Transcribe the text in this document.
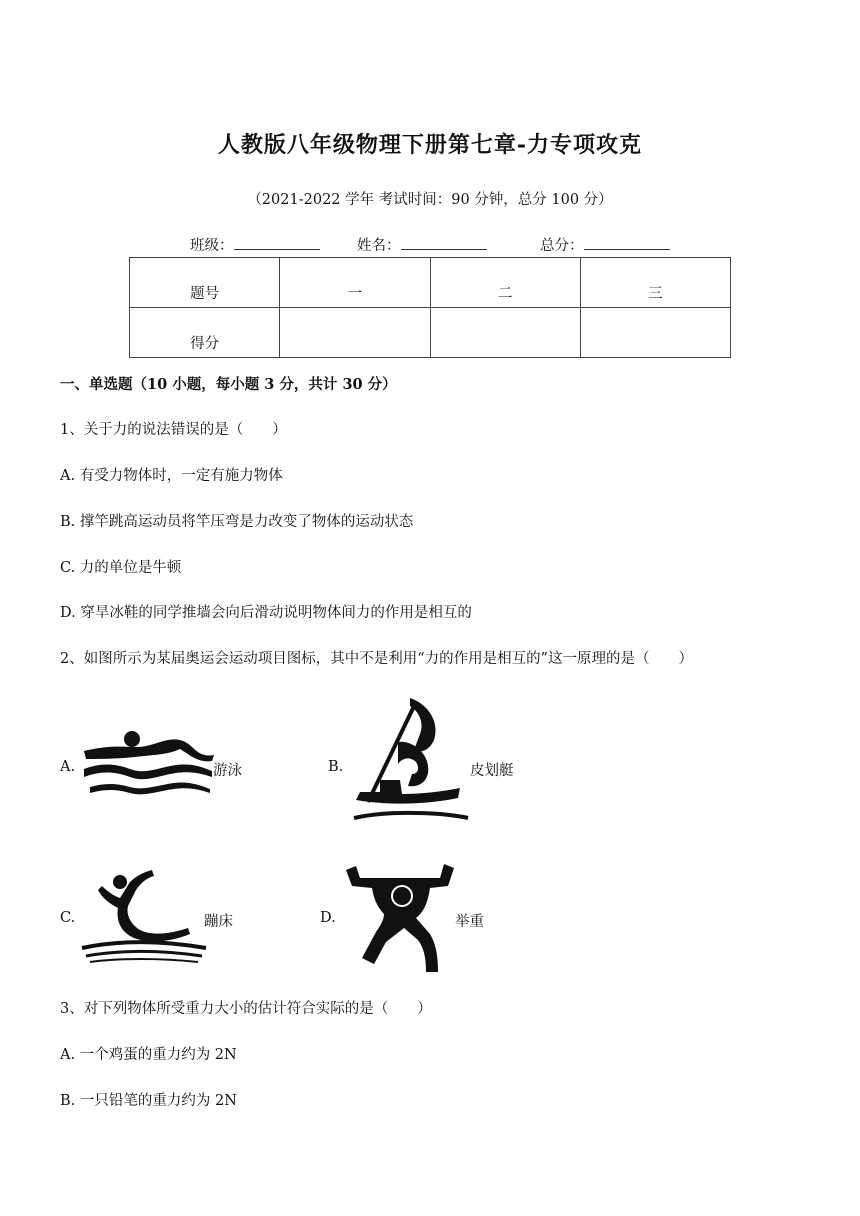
人教版八年级物理下册第七章-力专项攻克
（2021-2022 学年 考试时间：90 分钟，总分 100 分）
班级：	姓名：	总分：
题号	一	二	三
得分			
一、单选题（10 小题，每小题 3 分，共计 30 分）
1、关于力的说法错误的是（　　）
A. 有受力物体时，一定有施力物体
B. 撑竿跳高运动员将竿压弯是力改变了物体的运动状态
C. 力的单位是牛顿
D. 穿旱冰鞋的同学推墙会向后滑动说明物体间力的作用是相互的
2、如图所示为某届奥运会运动项目图标，其中不是利用“力的作用是相互的”这一原理的是（　　）
A.	游泳	B.	皮划艇
C.	蹦床	D.	举重
3、对下列物体所受重力大小的估计符合实际的是（　　）
A. 一个鸡蛋的重力约为 2N
B. 一只铅笔的重力约为 2N
